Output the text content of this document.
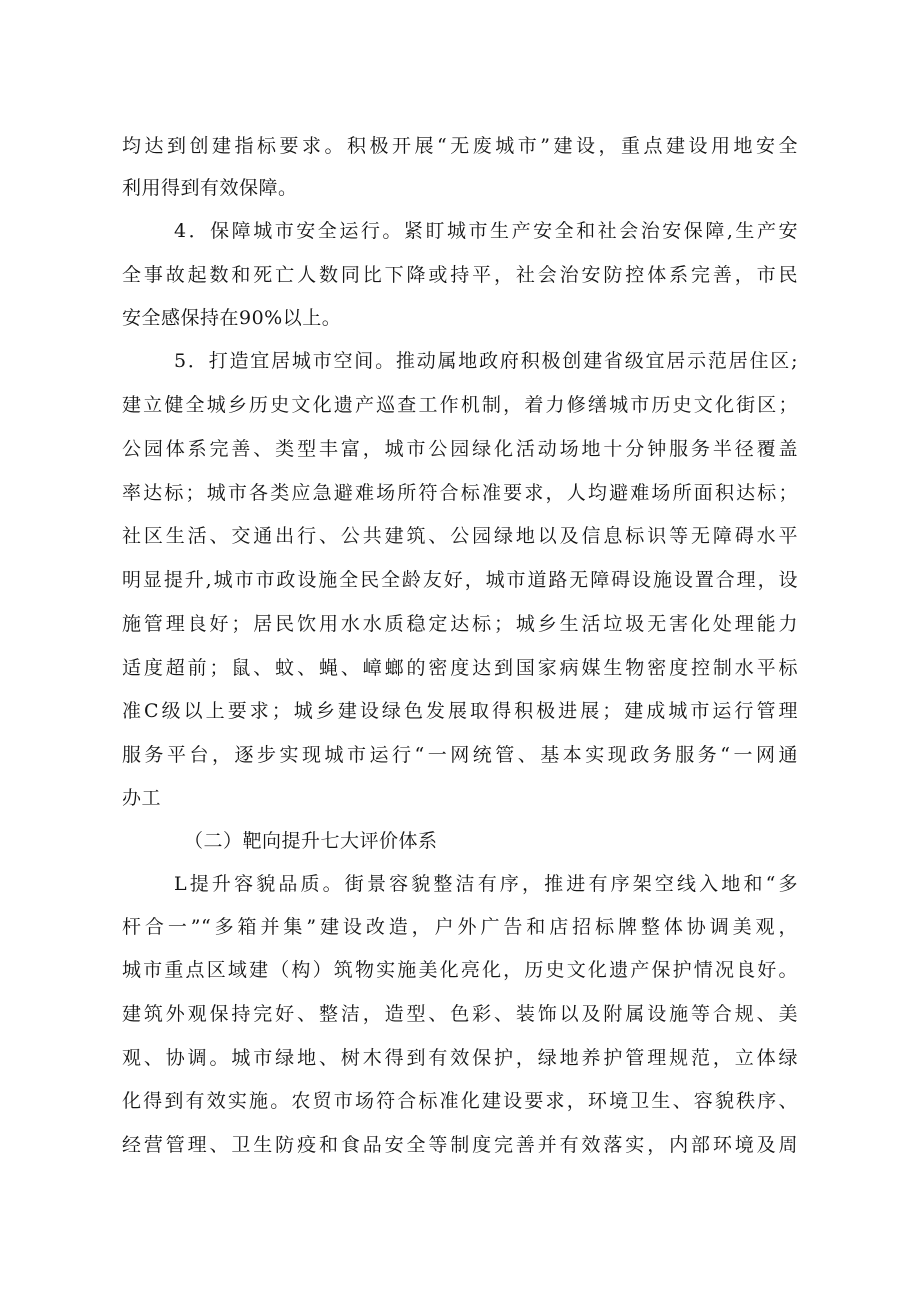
均达到创建指标要求。积极开展“无废城市”建设，重点建设用地安全
利用得到有效保障。
4．保障城市安全运行。紧盯城市生产安全和社会治安保障,生产安
全事故起数和死亡人数同比下降或持平，社会治安防控体系完善，市民
安全感保持在90%以上。
5．打造宜居城市空间。推动属地政府积极创建省级宜居示范居住区;
建立健全城乡历史文化遗产巡查工作机制，着力修缮城市历史文化街区；
公园体系完善、类型丰富，城市公园绿化活动场地十分钟服务半径覆盖
率达标；城市各类应急避难场所符合标准要求，人均避难场所面积达标；
社区生活、交通出行、公共建筑、公园绿地以及信息标识等无障碍水平
明显提升,城市市政设施全民全龄友好，城市道路无障碍设施设置合理，设
施管理良好；居民饮用水水质稳定达标；城乡生活垃圾无害化处理能力
适度超前；鼠、蚊、蝇、嶂螂的密度达到国家病媒生物密度控制水平标
准C级以上要求；城乡建设绿色发展取得积极进展；建成城市运行管理
服务平台，逐步实现城市运行“一网统管、基本实现政务服务“一网通
办工
（二）靶向提升七大评价体系
L提升容貌品质。街景容貌整洁有序，推进有序架空线入地和“多
杆合一”“多箱并集”建设改造，户外广告和店招标牌整体协调美观，
城市重点区域建（构）筑物实施美化亮化，历史文化遗产保护情况良好。
建筑外观保持完好、整洁，造型、色彩、装饰以及附属设施等合规、美
观、协调。城市绿地、树木得到有效保护，绿地养护管理规范，立体绿
化得到有效实施。农贸市场符合标准化建设要求，环境卫生、容貌秩序、
经营管理、卫生防疫和食品安全等制度完善并有效落实，内部环境及周
